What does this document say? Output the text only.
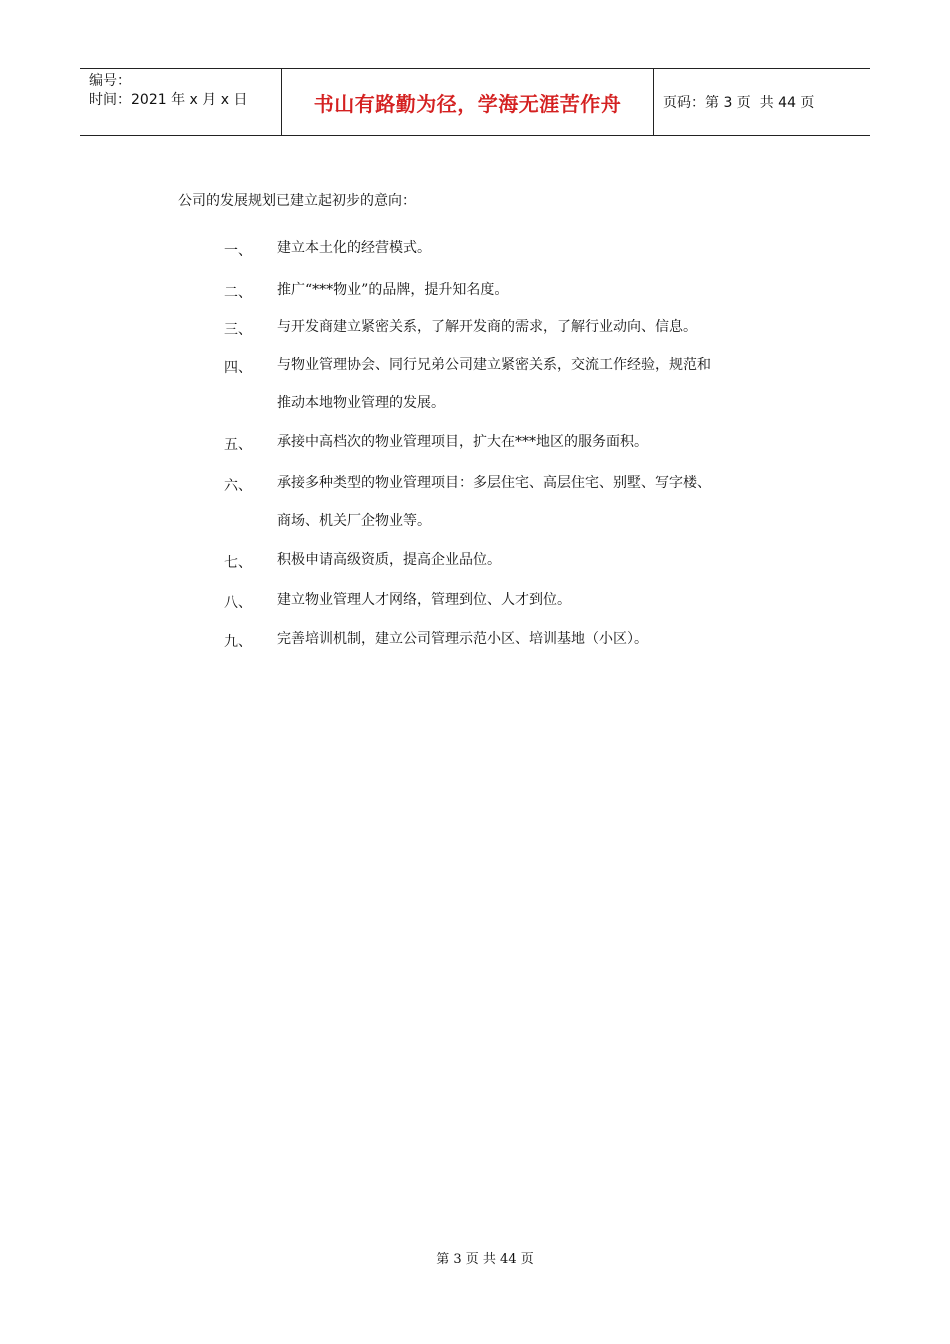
编号：
时间：2021 年 x 月 x 日	书山有路勤为径，学海无涯苦作舟	页码：第 3 页  共 44 页
公司的发展规划已建立起初步的意向：
一、 建立本土化的经营模式。
二、 推广“***物业”的品牌，提升知名度。
三、 与开发商建立紧密关系，了解开发商的需求，了解行业动向、信息。
四、 与物业管理协会、同行兄弟公司建立紧密关系，交流工作经验，规范和
推动本地物业管理的发展。
五、 承接中高档次的物业管理项目，扩大在***地区的服务面积。
六、 承接多种类型的物业管理项目：多层住宅、高层住宅、别墅、写字楼、
商场、机关厂企物业等。
七、 积极申请高级资质，提高企业品位。
八、 建立物业管理人才网络，管理到位、人才到位。
九、 完善培训机制，建立公司管理示范小区、培训基地（小区）。
第 3 页 共 44 页
